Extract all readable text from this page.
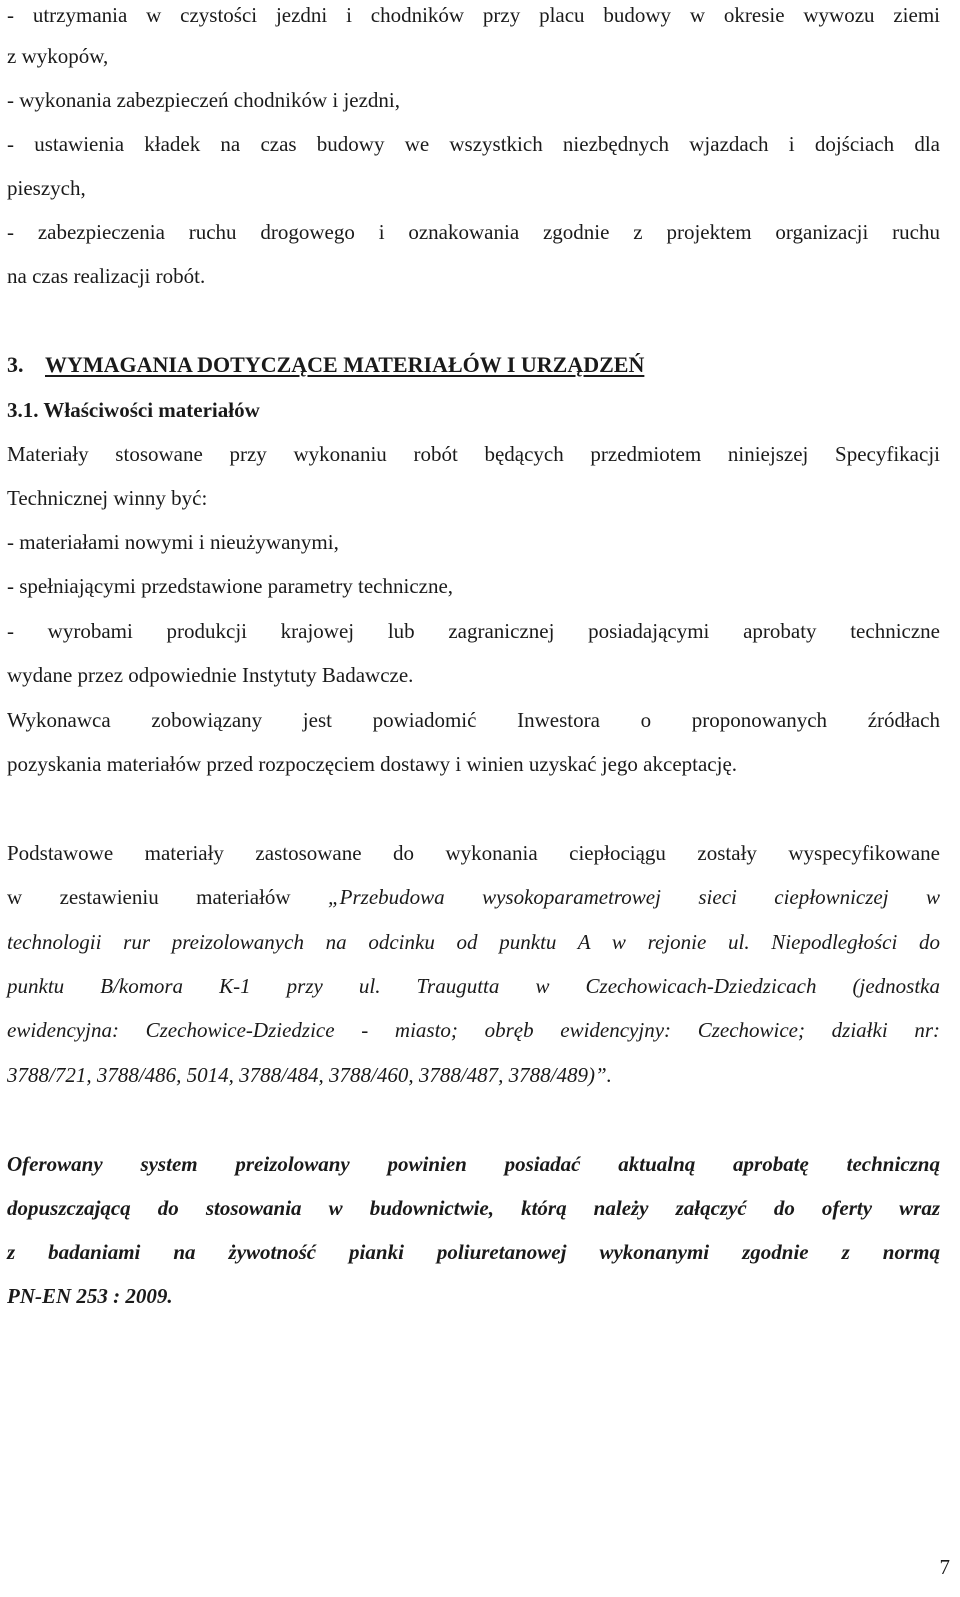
- utrzymania w czystości jezdni i chodników przy placu budowy w okresie wywozu ziemi
z wykopów,
- wykonania zabezpieczeń chodników i jezdni,
- ustawienia kładek na czas budowy we wszystkich niezbędnych wjazdach i dojściach dla
pieszych,
- zabezpieczenia ruchu drogowego i oznakowania zgodnie z projektem organizacji ruchu
na czas realizacji robót.
3. WYMAGANIA DOTYCZĄCE MATERIAŁÓW I URZĄDZEŃ
3.1. Właściwości materiałów
Materiały stosowane przy wykonaniu robót będących przedmiotem niniejszej Specyfikacji
Technicznej winny być:
- materiałami nowymi i nieużywanymi,
- spełniającymi przedstawione parametry techniczne,
- wyrobami produkcji krajowej lub zagranicznej posiadającymi aprobaty techniczne
wydane przez odpowiednie Instytuty Badawcze.
Wykonawca zobowiązany jest powiadomić Inwestora o proponowanych źródłach
pozyskania materiałów przed rozpoczęciem dostawy i winien uzyskać jego akceptację.
Podstawowe materiały zastosowane do wykonania ciepłociągu zostały wyspecyfikowane
w zestawieniu materiałów „Przebudowa wysokoparametrowej sieci ciepłowniczej w
technologii rur preizolowanych na odcinku od punktu A w rejonie ul. Niepodległości do
punktu B/komora K-1 przy ul. Traugutta w Czechowicach-Dziedzicach (jednostka
ewidencyjna: Czechowice-Dziedzice - miasto; obręb ewidencyjny: Czechowice; działki nr:
3788/721, 3788/486, 5014, 3788/484, 3788/460, 3788/487, 3788/489)”.
Oferowany system preizolowany powinien posiadać aktualną aprobatę techniczną
dopuszczającą do stosowania w budownictwie, którą należy załączyć do oferty wraz
z badaniami na żywotność pianki poliuretanowej wykonanymi zgodnie z normą
PN-EN 253 : 2009.
7
